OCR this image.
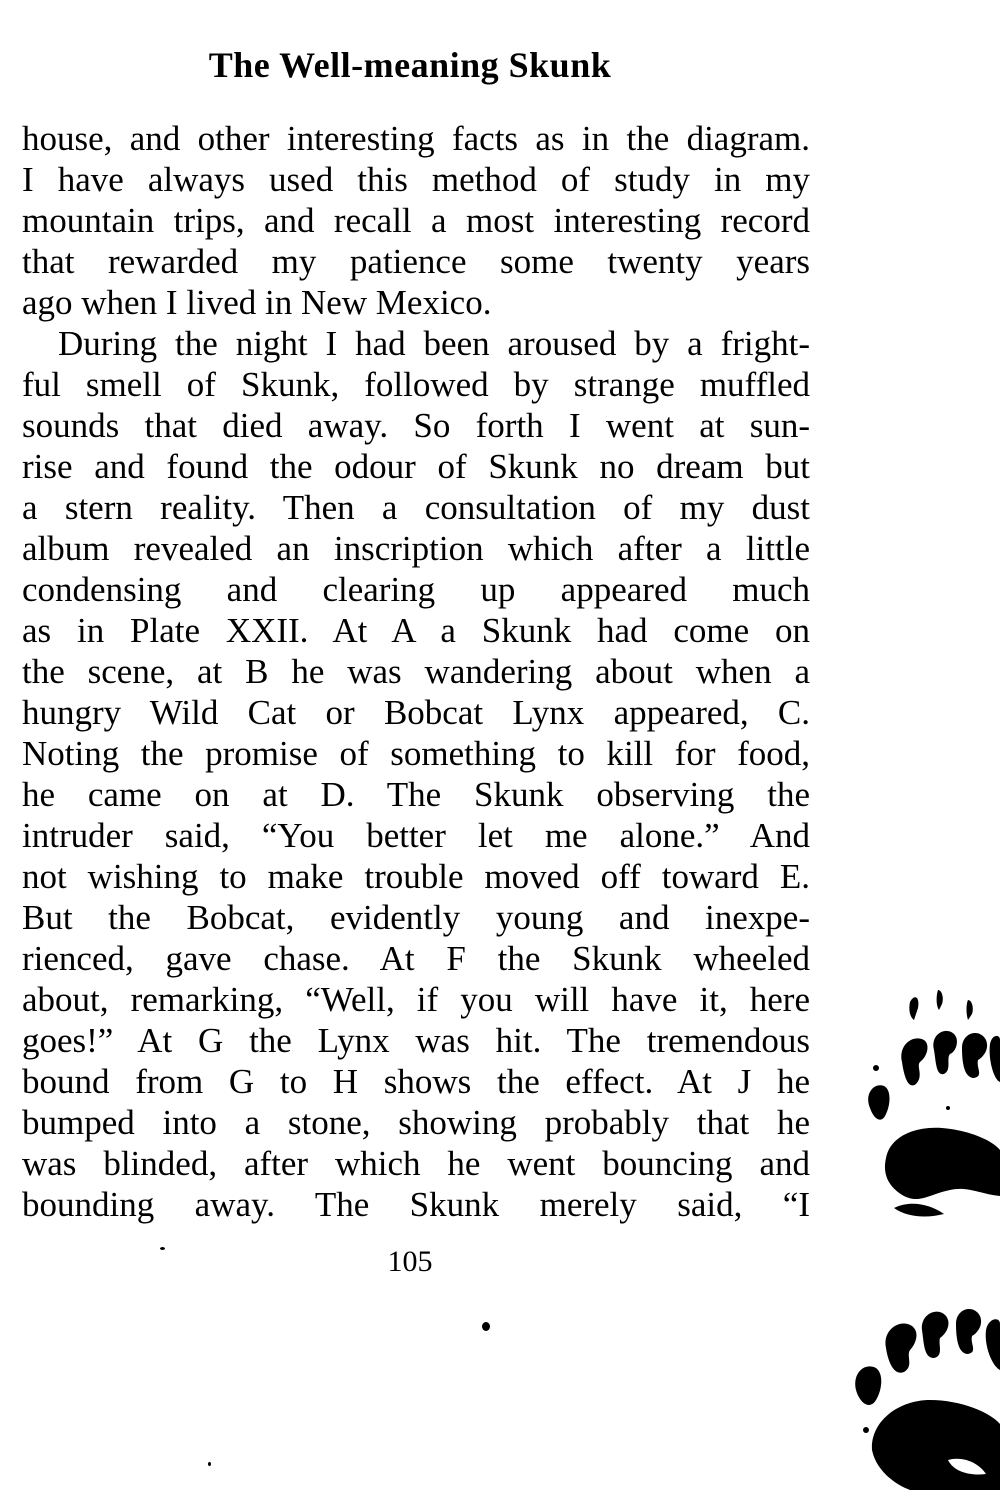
The Well-meaning Skunk
house, and other interesting facts as in the diagram.
I have always used this method of study in my
mountain trips, and recall a most interesting record
that rewarded my patience some twenty years
ago when I lived in New Mexico.
During the night I had been aroused by a fright-
ful smell of Skunk, followed by strange muffled
sounds that died away. So forth I went at sun-
rise and found the odour of Skunk no dream but
a stern reality. Then a consultation of my dust
album revealed an inscription which after a little
condensing and clearing up appeared much
as in Plate XXII. At A a Skunk had come on
the scene, at B he was wandering about when a
hungry Wild Cat or Bobcat Lynx appeared, C.
Noting the promise of something to kill for food,
he came on at D. The Skunk observing the
intruder said, “You better let me alone.” And
not wishing to make trouble moved off toward E.
But the Bobcat, evidently young and inexpe-
rienced, gave chase. At F the Skunk wheeled
about, remarking, “Well, if you will have it, here
goes!” At G the Lynx was hit. The tremendous
bound from G to H shows the effect. At J he
bumped into a stone, showing probably that he
was blinded, after which he went bouncing and
bounding away. The Skunk merely said, “I
105
